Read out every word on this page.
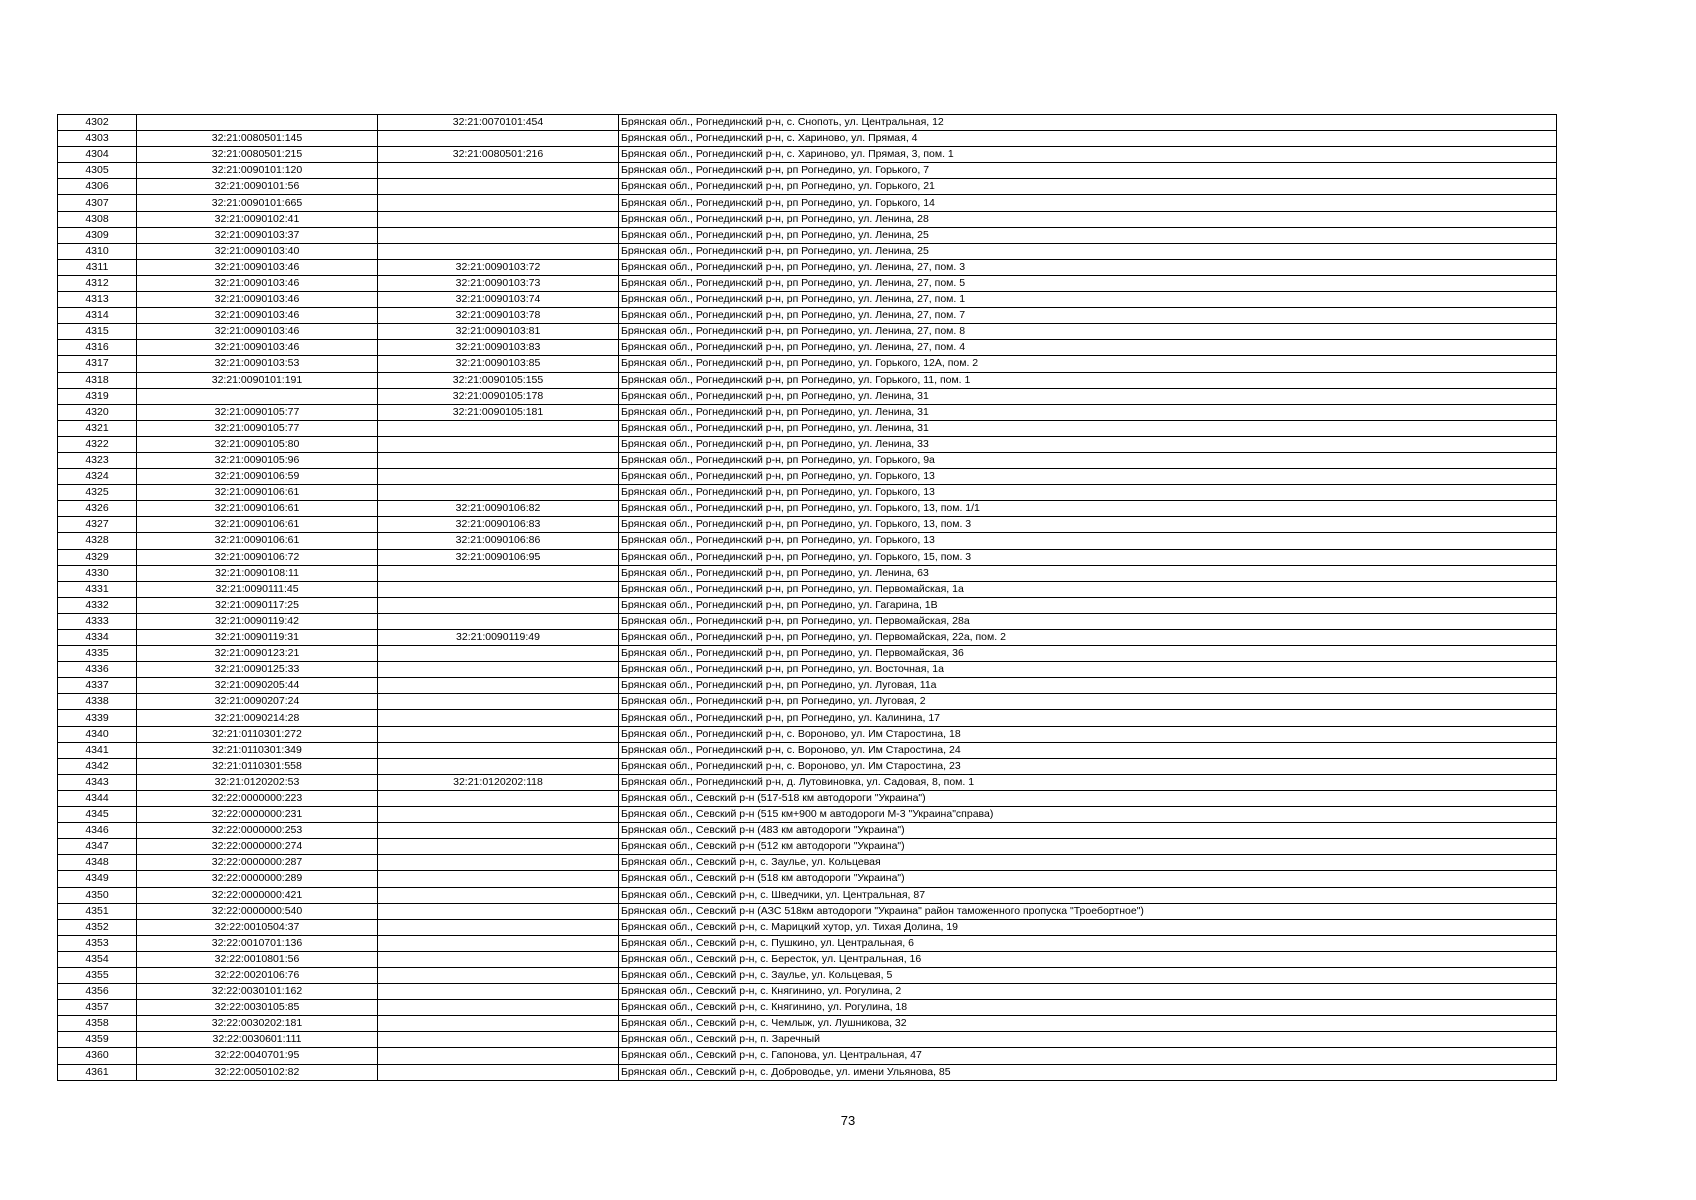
4302		32:21:0070101:454	Брянская обл., Рогнединский р-н, с. Снопоть, ул. Центральная, 12
4303	32:21:0080501:145		Брянская обл., Рогнединский р-н, с. Хариново, ул. Прямая, 4
4304	32:21:0080501:215	32:21:0080501:216	Брянская обл., Рогнединский р-н, с. Хариново, ул. Прямая, 3, пом. 1
4305	32:21:0090101:120		Брянская обл., Рогнединский р-н, рп Рогнедино, ул. Горького, 7
4306	32:21:0090101:56		Брянская обл., Рогнединский р-н, рп Рогнедино, ул. Горького, 21
4307	32:21:0090101:665		Брянская обл., Рогнединский р-н, рп Рогнедино, ул. Горького, 14
4308	32:21:0090102:41		Брянская обл., Рогнединский р-н, рп Рогнедино, ул. Ленина, 28
4309	32:21:0090103:37		Брянская обл., Рогнединский р-н, рп Рогнедино, ул. Ленина, 25
4310	32:21:0090103:40		Брянская обл., Рогнединский р-н, рп Рогнедино, ул. Ленина, 25
4311	32:21:0090103:46	32:21:0090103:72	Брянская обл., Рогнединский р-н, рп Рогнедино, ул. Ленина, 27, пом. 3
4312	32:21:0090103:46	32:21:0090103:73	Брянская обл., Рогнединский р-н, рп Рогнедино, ул. Ленина, 27, пом. 5
4313	32:21:0090103:46	32:21:0090103:74	Брянская обл., Рогнединский р-н, рп Рогнедино, ул. Ленина, 27, пом. 1
4314	32:21:0090103:46	32:21:0090103:78	Брянская обл., Рогнединский р-н, рп Рогнедино, ул. Ленина, 27, пом. 7
4315	32:21:0090103:46	32:21:0090103:81	Брянская обл., Рогнединский р-н, рп Рогнедино, ул. Ленина, 27, пом. 8
4316	32:21:0090103:46	32:21:0090103:83	Брянская обл., Рогнединский р-н, рп Рогнедино, ул. Ленина, 27, пом. 4
4317	32:21:0090103:53	32:21:0090103:85	Брянская обл., Рогнединский р-н, рп Рогнедино, ул. Горького, 12А, пом. 2
4318	32:21:0090101:191	32:21:0090105:155	Брянская обл., Рогнединский р-н, рп Рогнедино, ул. Горького, 11, пом. 1
4319		32:21:0090105:178	Брянская обл., Рогнединский р-н, рп Рогнедино, ул. Ленина, 31
4320	32:21:0090105:77	32:21:0090105:181	Брянская обл., Рогнединский р-н, рп Рогнедино, ул. Ленина, 31
4321	32:21:0090105:77		Брянская обл., Рогнединский р-н, рп Рогнедино, ул. Ленина, 31
4322	32:21:0090105:80		Брянская обл., Рогнединский р-н, рп Рогнедино, ул. Ленина, 33
4323	32:21:0090105:96		Брянская обл., Рогнединский р-н, рп Рогнедино, ул. Горького, 9а
4324	32:21:0090106:59		Брянская обл., Рогнединский р-н, рп Рогнедино, ул. Горького, 13
4325	32:21:0090106:61		Брянская обл., Рогнединский р-н, рп Рогнедино, ул. Горького, 13
4326	32:21:0090106:61	32:21:0090106:82	Брянская обл., Рогнединский р-н, рп Рогнедино, ул. Горького, 13, пом. 1/1
4327	32:21:0090106:61	32:21:0090106:83	Брянская обл., Рогнединский р-н, рп Рогнедино, ул. Горького, 13, пом. 3
4328	32:21:0090106:61	32:21:0090106:86	Брянская обл., Рогнединский р-н, рп Рогнедино, ул. Горького, 13
4329	32:21:0090106:72	32:21:0090106:95	Брянская обл., Рогнединский р-н, рп Рогнедино, ул. Горького, 15, пом. 3
4330	32:21:0090108:11		Брянская обл., Рогнединский р-н, рп Рогнедино, ул. Ленина, 63
4331	32:21:0090111:45		Брянская обл., Рогнединский р-н, рп Рогнедино, ул. Первомайская, 1а
4332	32:21:0090117:25		Брянская обл., Рогнединский р-н, рп Рогнедино, ул. Гагарина, 1В
4333	32:21:0090119:42		Брянская обл., Рогнединский р-н, рп Рогнедино, ул. Первомайская, 28а
4334	32:21:0090119:31	32:21:0090119:49	Брянская обл., Рогнединский р-н, рп Рогнедино, ул. Первомайская, 22а, пом. 2
4335	32:21:0090123:21		Брянская обл., Рогнединский р-н, рп Рогнедино, ул. Первомайская, 36
4336	32:21:0090125:33		Брянская обл., Рогнединский р-н, рп Рогнедино, ул. Восточная, 1а
4337	32:21:0090205:44		Брянская обл., Рогнединский р-н, рп Рогнедино, ул. Луговая, 11а
4338	32:21:0090207:24		Брянская обл., Рогнединский р-н, рп Рогнедино, ул. Луговая, 2
4339	32:21:0090214:28		Брянская обл., Рогнединский р-н, рп Рогнедино, ул. Калинина, 17
4340	32:21:0110301:272		Брянская обл., Рогнединский р-н, с. Вороново, ул. Им Старостина, 18
4341	32:21:0110301:349		Брянская обл., Рогнединский р-н, с. Вороново, ул. Им Старостина, 24
4342	32:21:0110301:558		Брянская обл., Рогнединский р-н, с. Вороново, ул. Им Старостина, 23
4343	32:21:0120202:53	32:21:0120202:118	Брянская обл., Рогнединский р-н, д. Лутовиновка, ул. Садовая, 8, пом. 1
4344	32:22:0000000:223		Брянская обл., Севский р-н (517-518 км автодороги "Украина")
4345	32:22:0000000:231		Брянская обл., Севский р-н (515 км+900 м автодороги М-3 "Украина"справа)
4346	32:22:0000000:253		Брянская обл., Севский р-н (483 км автодороги "Украина")
4347	32:22:0000000:274		Брянская обл., Севский р-н (512 км автодороги "Украина")
4348	32:22:0000000:287		Брянская обл., Севский р-н, с. Заулье, ул. Кольцевая
4349	32:22:0000000:289		Брянская обл., Севский р-н (518 км автодороги "Украина")
4350	32:22:0000000:421		Брянская обл., Севский р-н, с. Шведчики, ул. Центральная, 87
4351	32:22:0000000:540		Брянская обл., Севский р-н (АЗС 518км автодороги "Украина" район таможенного пропуска "Троебортное")
4352	32:22:0010504:37		Брянская обл., Севский р-н, с. Марицкий хутор, ул. Тихая Долина, 19
4353	32:22:0010701:136		Брянская обл., Севский р-н, с. Пушкино, ул. Центральная, 6
4354	32:22:0010801:56		Брянская обл., Севский р-н, с. Бересток, ул. Центральная, 16
4355	32:22:0020106:76		Брянская обл., Севский р-н, с. Заулье, ул. Кольцевая, 5
4356	32:22:0030101:162		Брянская обл., Севский р-н, с. Княгинино, ул. Рогулина, 2
4357	32:22:0030105:85		Брянская обл., Севский р-н, с. Княгинино, ул. Рогулина, 18
4358	32:22:0030202:181		Брянская обл., Севский р-н, с. Чемлыж, ул. Лушникова, 32
4359	32:22:0030601:111		Брянская обл., Севский р-н, п. Заречный
4360	32:22:0040701:95		Брянская обл., Севский р-н, с. Гапонова, ул. Центральная, 47
4361	32:22:0050102:82		Брянская обл., Севский р-н, с. Доброводье, ул. имени Ульянова, 85
73
